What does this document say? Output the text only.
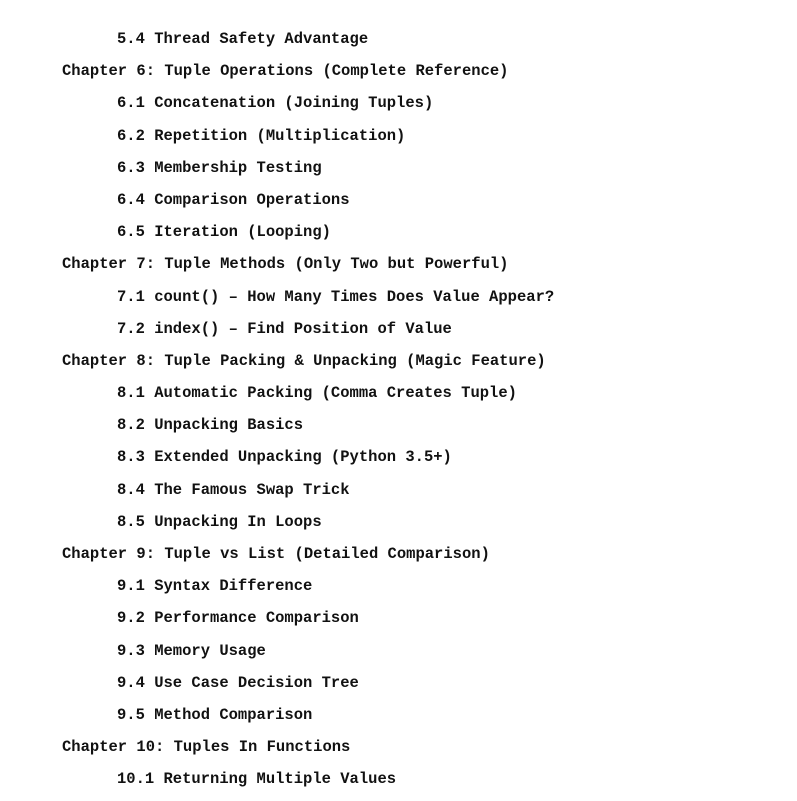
5.4 Thread Safety Advantage
Chapter 6: Tuple Operations (Complete Reference)
6.1 Concatenation (Joining Tuples)
6.2 Repetition (Multiplication)
6.3 Membership Testing
6.4 Comparison Operations
6.5 Iteration (Looping)
Chapter 7: Tuple Methods (Only Two but Powerful)
7.1 count() – How Many Times Does Value Appear?
7.2 index() – Find Position of Value
Chapter 8: Tuple Packing & Unpacking (Magic Feature)
8.1 Automatic Packing (Comma Creates Tuple)
8.2 Unpacking Basics
8.3 Extended Unpacking (Python 3.5+)
8.4 The Famous Swap Trick
8.5 Unpacking In Loops
Chapter 9: Tuple vs List (Detailed Comparison)
9.1 Syntax Difference
9.2 Performance Comparison
9.3 Memory Usage
9.4 Use Case Decision Tree
9.5 Method Comparison
Chapter 10: Tuples In Functions
10.1 Returning Multiple Values
